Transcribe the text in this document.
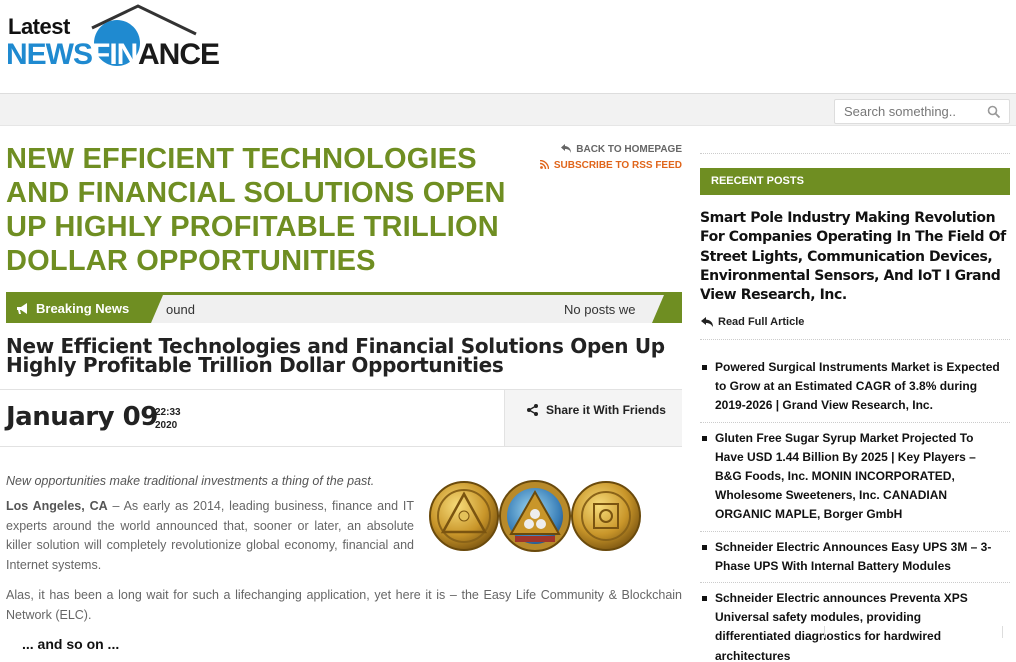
Latest
NEWS FIN ANCE
Search something..
NEW EFFICIENT TECHNOLOGIES AND FINANCIAL SOLUTIONS OPEN UP HIGHLY PROFITABLE TRILLION DOLLAR OPPORTUNITIES
BACK TO HOMEPAGE
SUBSCRIBE TO RSS FEED
Breaking News	ound	No posts we
New Efficient Technologies and Financial Solutions Open Up Highly Profitable Trillion Dollar Opportunities
January 09
22:33
2020
Share it With Friends

New opportunities make traditional investments a thing of the past.

Los Angeles, CA – As early as 2014, leading business, finance and IT experts around the world announced that, sooner or later, an absolute killer solution will completely revolutionize global economy, financial and Internet systems.

Alas, it has been a long wait for such a lifechanging application, yet here it is – the Easy Life Community & Blockchain Network (ELC).

... and so on ...
REECENT POSTS
Smart Pole Industry Making Revolution For Companies Operating In The Field Of Street Lights, Communication Devices, Environmental Sensors, And IoT I Grand View Research, Inc.
Read Full Article
Powered Surgical Instruments Market is Expected to Grow at an Estimated CAGR of 3.8% during 2019-2026 | Grand View Research, Inc.
Gluten Free Sugar Syrup Market Projected To Have USD 1.44 Billion By 2025 | Key Players – B&G Foods, Inc. MONIN INCORPORATED, Wholesome Sweeteners, Inc. CANADIAN ORGANIC MAPLE, Borger GmbH
Schneider Electric Announces Easy UPS 3M – 3-Phase UPS With Internal Battery Modules
Schneider Electric announces Preventa XPS Universal safety modules, providing differentiated diagnostics for hardwired architectures
